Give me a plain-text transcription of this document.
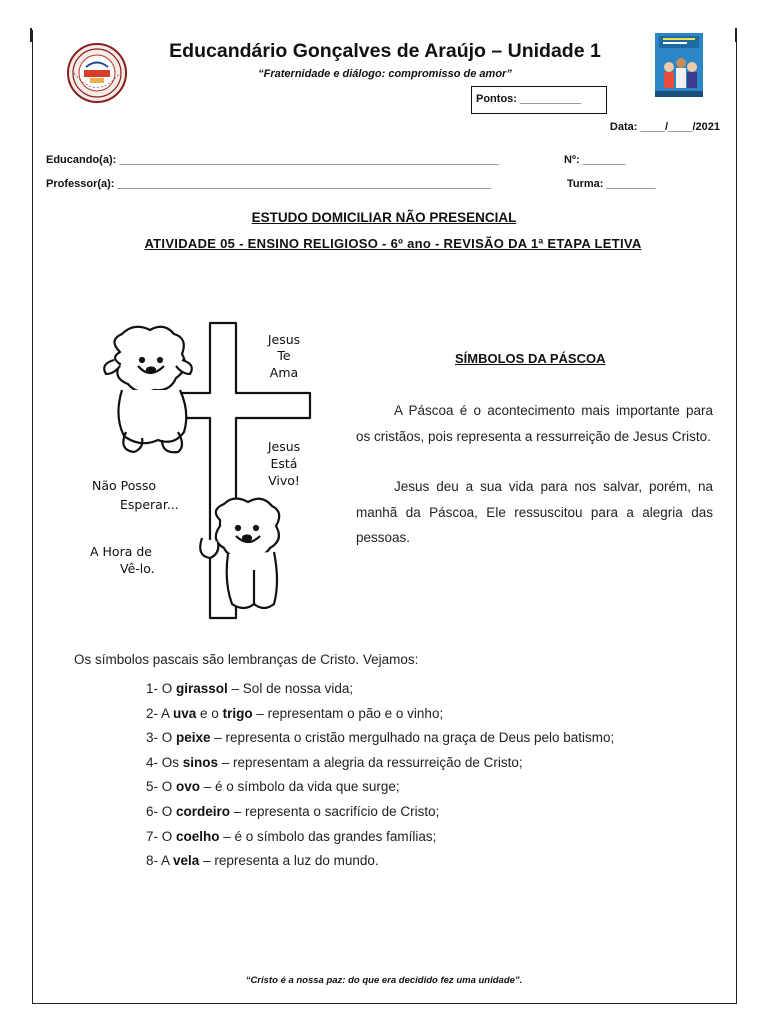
Educandário Gonçalves de Araújo – Unidade 1
“Fraternidade e diálogo: compromisso de amor”
Pontos: __________
Data: ____/____/2021
Educando(a): ______________________________________________________________	Nº: _______
Professor(a): _____________________________________________________________	Turma: ________
ESTUDO DOMICILIAR NÃO PRESENCIAL
ATIVIDADE 05 - ENSINO RELIGIOSO - 6º ano - REVISÃO DA 1ª ETAPA LETIVA
Jesus
Te
Ama
Jesus
Está
Vivo!
Não Posso
Esperar...
A Hora de
Vê-lo.
SÍMBOLOS DA PÁSCOA

A Páscoa é o acontecimento mais importante para os cristãos, pois representa a ressurreição de Jesus Cristo.

Jesus deu a sua vida para nos salvar, porém, na manhã da Páscoa, Ele ressuscitou para a alegria das pessoas.

Os símbolos pascais são lembranças de Cristo. Vejamos:
1- O girassol – Sol de nossa vida;
2- A uva e o trigo – representam o pão e o vinho;
3- O peixe – representa o cristão mergulhado na graça de Deus pelo batismo;
4- Os sinos – representam a alegria da ressurreição de Cristo;
5- O ovo – é o símbolo da vida que surge;
6- O cordeiro – representa o sacrifício de Cristo;
7- O coelho – é o símbolo das grandes famílias;
8- A vela – representa a luz do mundo.
“Cristo é a nossa paz: do que era decidido fez uma unidade”.
